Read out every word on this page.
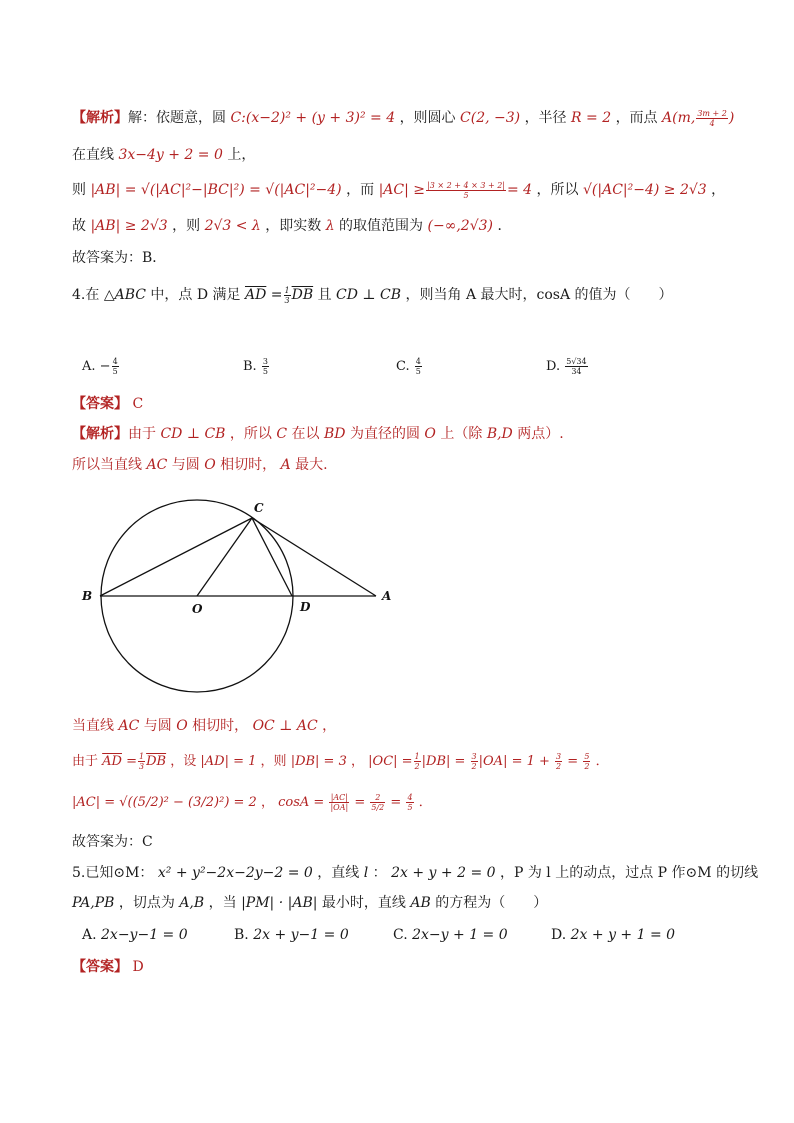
【解析】解：依题意，圆 C:(x−2)² + (y + 3)² = 4 ，则圆心 C(2, −3) ，半径 R = 2 ，而点 A(m, $\frac{3m + 2}{4}$ )
在直线 3x−4y + 2 = 0 上，
则 |AB| = √(|AC|²−|BC|²) = √(|AC|²−4) ，而 $|AC| \ge \frac{|3 \times 2 + 4 \times 3 + 2|}{5} = 4$ ，所以 √(|AC|²−4) ≥ 2√3 ，
故 |AB| ≥ 2√3 ，则 2√3 < λ ，即实数 λ 的取值范围为 (−∞,2√3) ．
故答案为：B．
4.在 △ABC 中，点 D 满足 $\overline{AD} = \frac{1}{3} \overline{DB}$ 且 CD ⊥ CB ，则当角 A 最大时，cosA 的值为（　　）
A. − $\frac{4}{5}$	B. $\frac{3}{5}$	C. $\frac{4}{5}$	D. $\frac{5√34}{34}$
【答案】 C
【解析】由于 CD ⊥ CB ，所以 C 在以 BD 为直径的圆 O 上（除 B,D 两点）.
所以当直线 AC 与圆 O 相切时， A 最大.
C
B
O	D
A
当直线 AC 与圆 O 相切时， OC ⊥ AC ，
由于 $\overline{AD} = \frac{1}{3} \overline{DB}$ ，设 |AD| = 1 ，则 |DB| = 3 ， $|OC| = \frac{1}{2} |DB| = \frac{3}{2} |OA| = 1 + \frac{3}{2} = \frac{5}{2}$ ．
|AC| = √((5/2)² − (3/2)²) = 2 ， $\cos A = \frac{|AC|}{|OA|} = \frac{2}{5/2} = \frac{4}{5}$ ．
故答案为：C
5.已知⊙M： x² + y²−2x−2y−2 = 0 ，直线 l ： 2x + y + 2 = 0 ，P 为 l 上的动点，过点 P 作⊙M 的切线
PA,PB ，切点为 A,B ，当 |PM| · |AB| 最小时，直线 AB 的方程为（　　）
A. 2x−y−1 = 0	B. 2x + y−1 = 0	C. 2x−y + 1 = 0	D. 2x + y + 1 = 0
【答案】 D
